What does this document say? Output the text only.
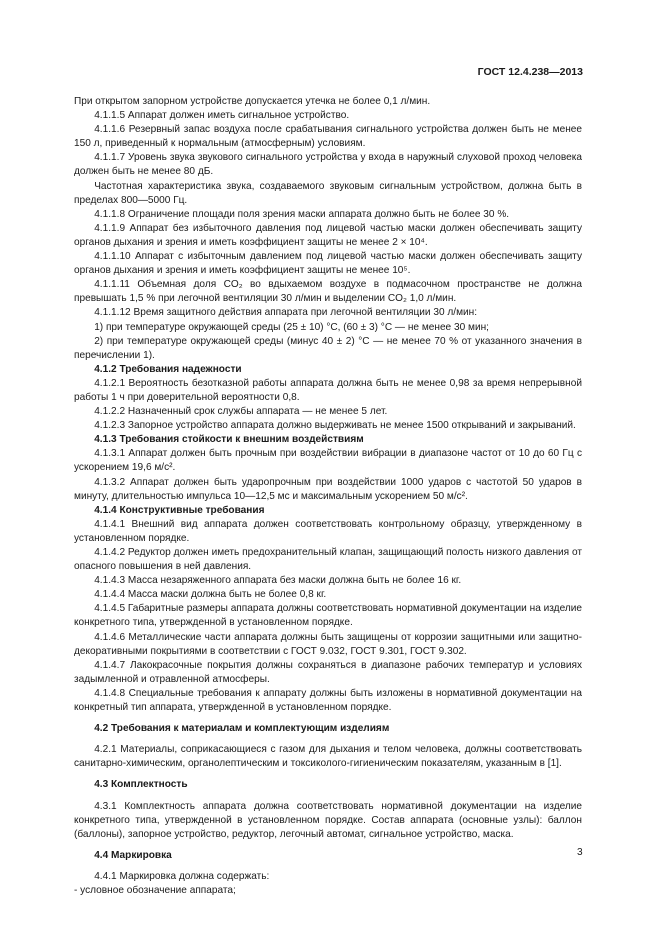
ГОСТ 12.4.238—2013

При открытом запорном устройстве допускается утечка не более 0,1 л/мин.

4.1.1.5 Аппарат должен иметь сигнальное устройство.

4.1.1.6 Резервный запас воздуха после срабатывания сигнального устройства должен быть не менее 150 л, приведенный к нормальным (атмосферным) условиям.

4.1.1.7 Уровень звука звукового сигнального устройства у входа в наружный слуховой проход человека должен быть не менее 80 дБ.

Частотная характеристика звука, создаваемого звуковым сигнальным устройством, должна быть в пределах 800—5000 Гц.

4.1.1.8 Ограничение площади поля зрения маски аппарата должно быть не более 30 %.

4.1.1.9 Аппарат без избыточного давления под лицевой частью маски должен обеспечивать защиту органов дыхания и зрения и иметь коэффициент защиты не менее 2 × 10⁴.

4.1.1.10 Аппарат с избыточным давлением под лицевой частью маски должен обеспечивать защиту органов дыхания и зрения и иметь коэффициент защиты не менее 10⁵.

4.1.1.11 Объемная доля CO₂ во вдыхаемом воздухе в подмасочном пространстве не должна превышать 1,5 % при легочной вентиляции 30 л/мин и выделении CO₂ 1,0 л/мин.

4.1.1.12 Время защитного действия аппарата при легочной вентиляции 30 л/мин:

1) при температуре окружающей среды (25 ± 10) °С, (60 ± 3) °С — не менее 30 мин;

2) при температуре окружающей среды (минус 40 ± 2) °С — не менее 70 % от указанного значения в перечислении 1).

4.1.2 Требования надежности

4.1.2.1 Вероятность безотказной работы аппарата должна быть не менее 0,98 за время непрерывной работы 1 ч при доверительной вероятности 0,8.

4.1.2.2 Назначенный срок службы аппарата — не менее 5 лет.

4.1.2.3 Запорное устройство аппарата должно выдерживать не менее 1500 открываний и закрываний.

4.1.3 Требования стойкости к внешним воздействиям

4.1.3.1 Аппарат должен быть прочным при воздействии вибрации в диапазоне частот от 10 до 60 Гц с ускорением 19,6 м/с².

4.1.3.2 Аппарат должен быть ударопрочным при воздействии 1000 ударов с частотой 50 ударов в минуту, длительностью импульса 10—12,5 мс и максимальным ускорением 50 м/с².

4.1.4 Конструктивные требования

4.1.4.1 Внешний вид аппарата должен соответствовать контрольному образцу, утвержденному в установленном порядке.

4.1.4.2 Редуктор должен иметь предохранительный клапан, защищающий полость низкого давления от опасного повышения в ней давления.

4.1.4.3 Масса незаряженного аппарата без маски должна быть не более 16 кг.

4.1.4.4 Масса маски должна быть не более 0,8 кг.

4.1.4.5 Габаритные размеры аппарата должны соответствовать нормативной документации на изделие конкретного типа, утвержденной в установленном порядке.

4.1.4.6 Металлические части аппарата должны быть защищены от коррозии защитными или защитно-декоративными покрытиями в соответствии с ГОСТ 9.032, ГОСТ 9.301, ГОСТ 9.302.

4.1.4.7 Лакокрасочные покрытия должны сохраняться в диапазоне рабочих температур и условиях задымленной и отравленной атмосферы.

4.1.4.8 Специальные требования к аппарату должны быть изложены в нормативной документации на конкретный тип аппарата, утвержденной в установленном порядке.

4.2 Требования к материалам и комплектующим изделиям

4.2.1 Материалы, соприкасающиеся с газом для дыхания и телом человека, должны соответствовать санитарно-химическим, органолептическим и токсиколого-гигиеническим показателям, указанным в [1].

4.3 Комплектность

4.3.1 Комплектность аппарата должна соответствовать нормативной документации на изделие конкретного типа, утвержденной в установленном порядке. Состав аппарата (основные узлы): баллон (баллоны), запорное устройство, редуктор, легочный автомат, сигнальное устройство, маска.

4.4 Маркировка

4.4.1 Маркировка должна содержать:

- условное обозначение аппарата;

3
